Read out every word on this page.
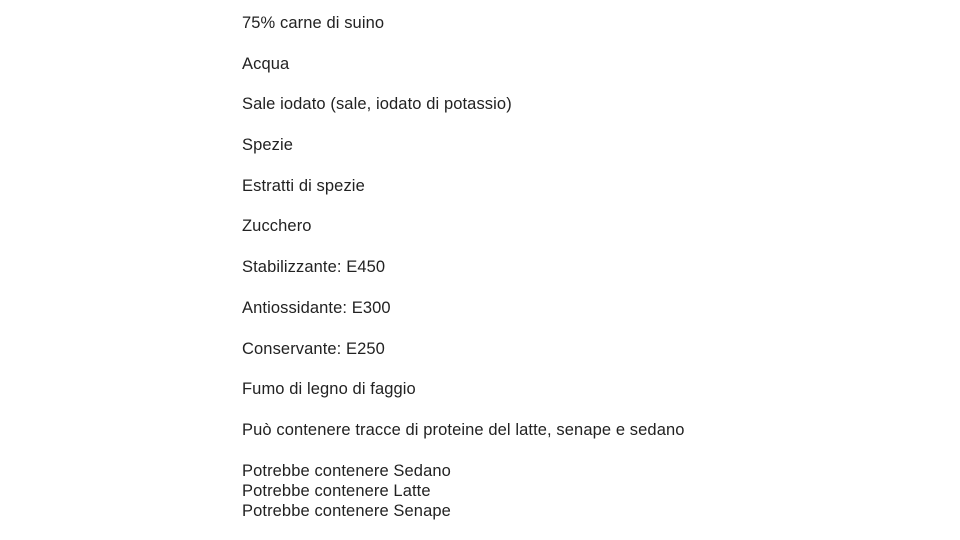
75% carne di suino
Acqua
Sale iodato (sale, iodato di potassio)
Spezie
Estratti di spezie
Zucchero
Stabilizzante: E450
Antiossidante: E300
Conservante: E250
Fumo di legno di faggio
Può contenere tracce di proteine del latte, senape e sedano
Potrebbe contenere Sedano
Potrebbe contenere Latte
Potrebbe contenere Senape
